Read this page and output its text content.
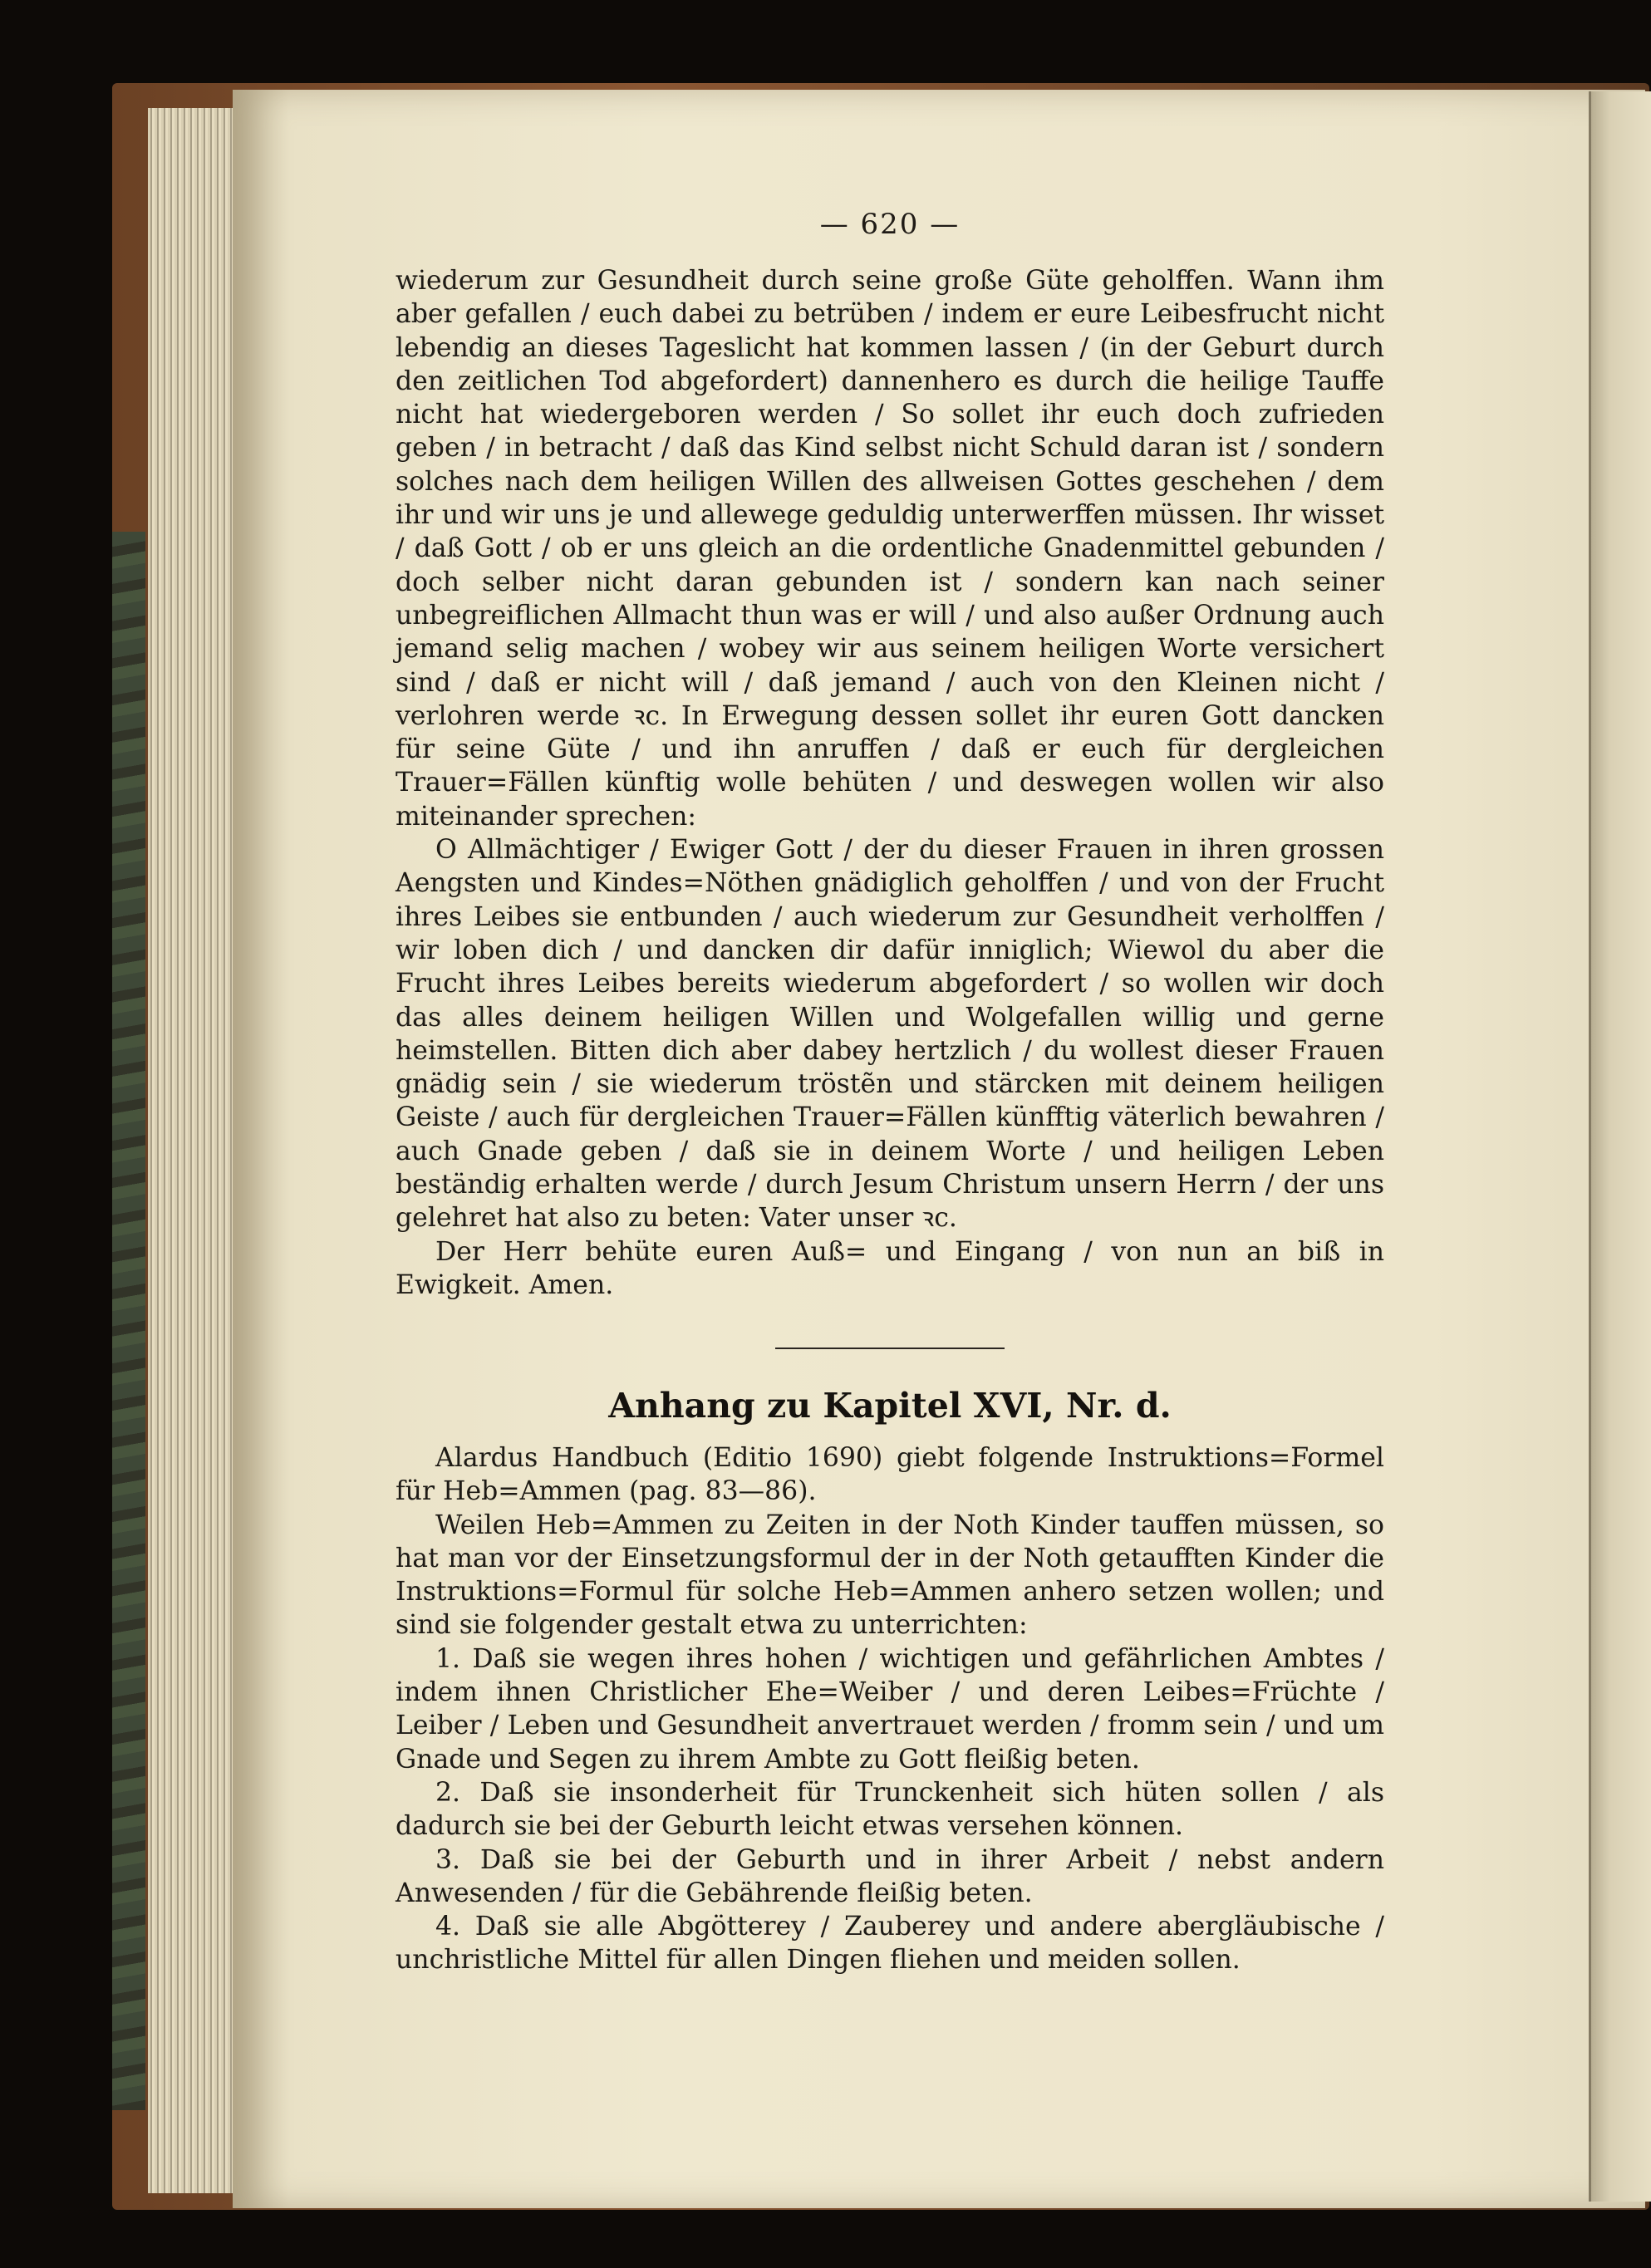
— 620 —

wiederum zur Gesundheit durch seine große Güte geholffen. Wann ihm aber gefallen / euch dabei zu betrüben / indem er eure Leibesfrucht nicht lebendig an dieses Tageslicht hat kommen lassen / (in der Geburt durch den zeitlichen Tod abgefordert) dannenhero es durch die heilige Tauffe nicht hat wiedergeboren werden / So sollet ihr euch doch zufrieden geben / in betracht / daß das Kind selbst nicht Schuld daran ist / sondern solches nach dem heiligen Willen des allweisen Gottes geschehen / dem ihr und wir uns je und allewege geduldig unterwerffen müssen. Ihr wisset / daß Gott / ob er uns gleich an die ordentliche Gnadenmittel gebunden / doch selber nicht daran gebunden ist / sondern kan nach seiner unbegreiflichen Allmacht thun was er will / und also außer Ordnung auch jemand selig machen / wobey wir aus seinem heiligen Worte versichert sind / daß er nicht will / daß jemand / auch von den Kleinen nicht / verlohren werde ꝛc. In Erwegung dessen sollet ihr euren Gott dancken für seine Güte / und ihn anruffen / daß er euch für dergleichen Trauer=Fällen künftig wolle behüten / und deswegen wollen wir also miteinander sprechen:

O Allmächtiger / Ewiger Gott / der du dieser Frauen in ihren grossen Aengsten und Kindes=Nöthen gnädiglich geholffen / und von der Frucht ihres Leibes sie entbunden / auch wiederum zur Gesundheit verholffen / wir loben dich / und dancken dir dafür inniglich; Wiewol du aber die Frucht ihres Leibes bereits wiederum abgefordert / so wollen wir doch das alles deinem heiligen Willen und Wolgefallen willig und gerne heimstellen. Bitten dich aber dabey hertzlich / du wollest dieser Frauen gnädig sein / sie wiederum tröstẽn und stärcken mit deinem heiligen Geiste / auch für dergleichen Trauer=Fällen künfftig väterlich bewahren / auch Gnade geben / daß sie in deinem Worte / und heiligen Leben beständig erhalten werde / durch Jesum Christum unsern Herrn / der uns gelehret hat also zu beten: Vater unser ꝛc.

Der Herr behüte euren Auß= und Eingang / von nun an biß in Ewigkeit. Amen.

Anhang zu Kapitel XVI, Nr. d.

Alardus Handbuch (Editio 1690) giebt folgende Instruktions=Formel für Heb=Ammen (pag. 83—86).

Weilen Heb=Ammen zu Zeiten in der Noth Kinder tauffen müssen, so hat man vor der Einsetzungsformul der in der Noth getaufften Kinder die Instruktions=Formul für solche Heb=Ammen anhero setzen wollen; und sind sie folgender gestalt etwa zu unterrichten:

1. Daß sie wegen ihres hohen / wichtigen und gefährlichen Ambtes / indem ihnen Christlicher Ehe=Weiber / und deren Leibes=Früchte / Leiber / Leben und Gesundheit anvertrauet werden / fromm sein / und um Gnade und Segen zu ihrem Ambte zu Gott fleißig beten.

2. Daß sie insonderheit für Trunckenheit sich hüten sollen / als dadurch sie bei der Geburth leicht etwas versehen können.

3. Daß sie bei der Geburth und in ihrer Arbeit / nebst andern Anwesenden / für die Gebährende fleißig beten.

4. Daß sie alle Abgötterey / Zauberey und andere abergläubische / unchristliche Mittel für allen Dingen fliehen und meiden sollen.
